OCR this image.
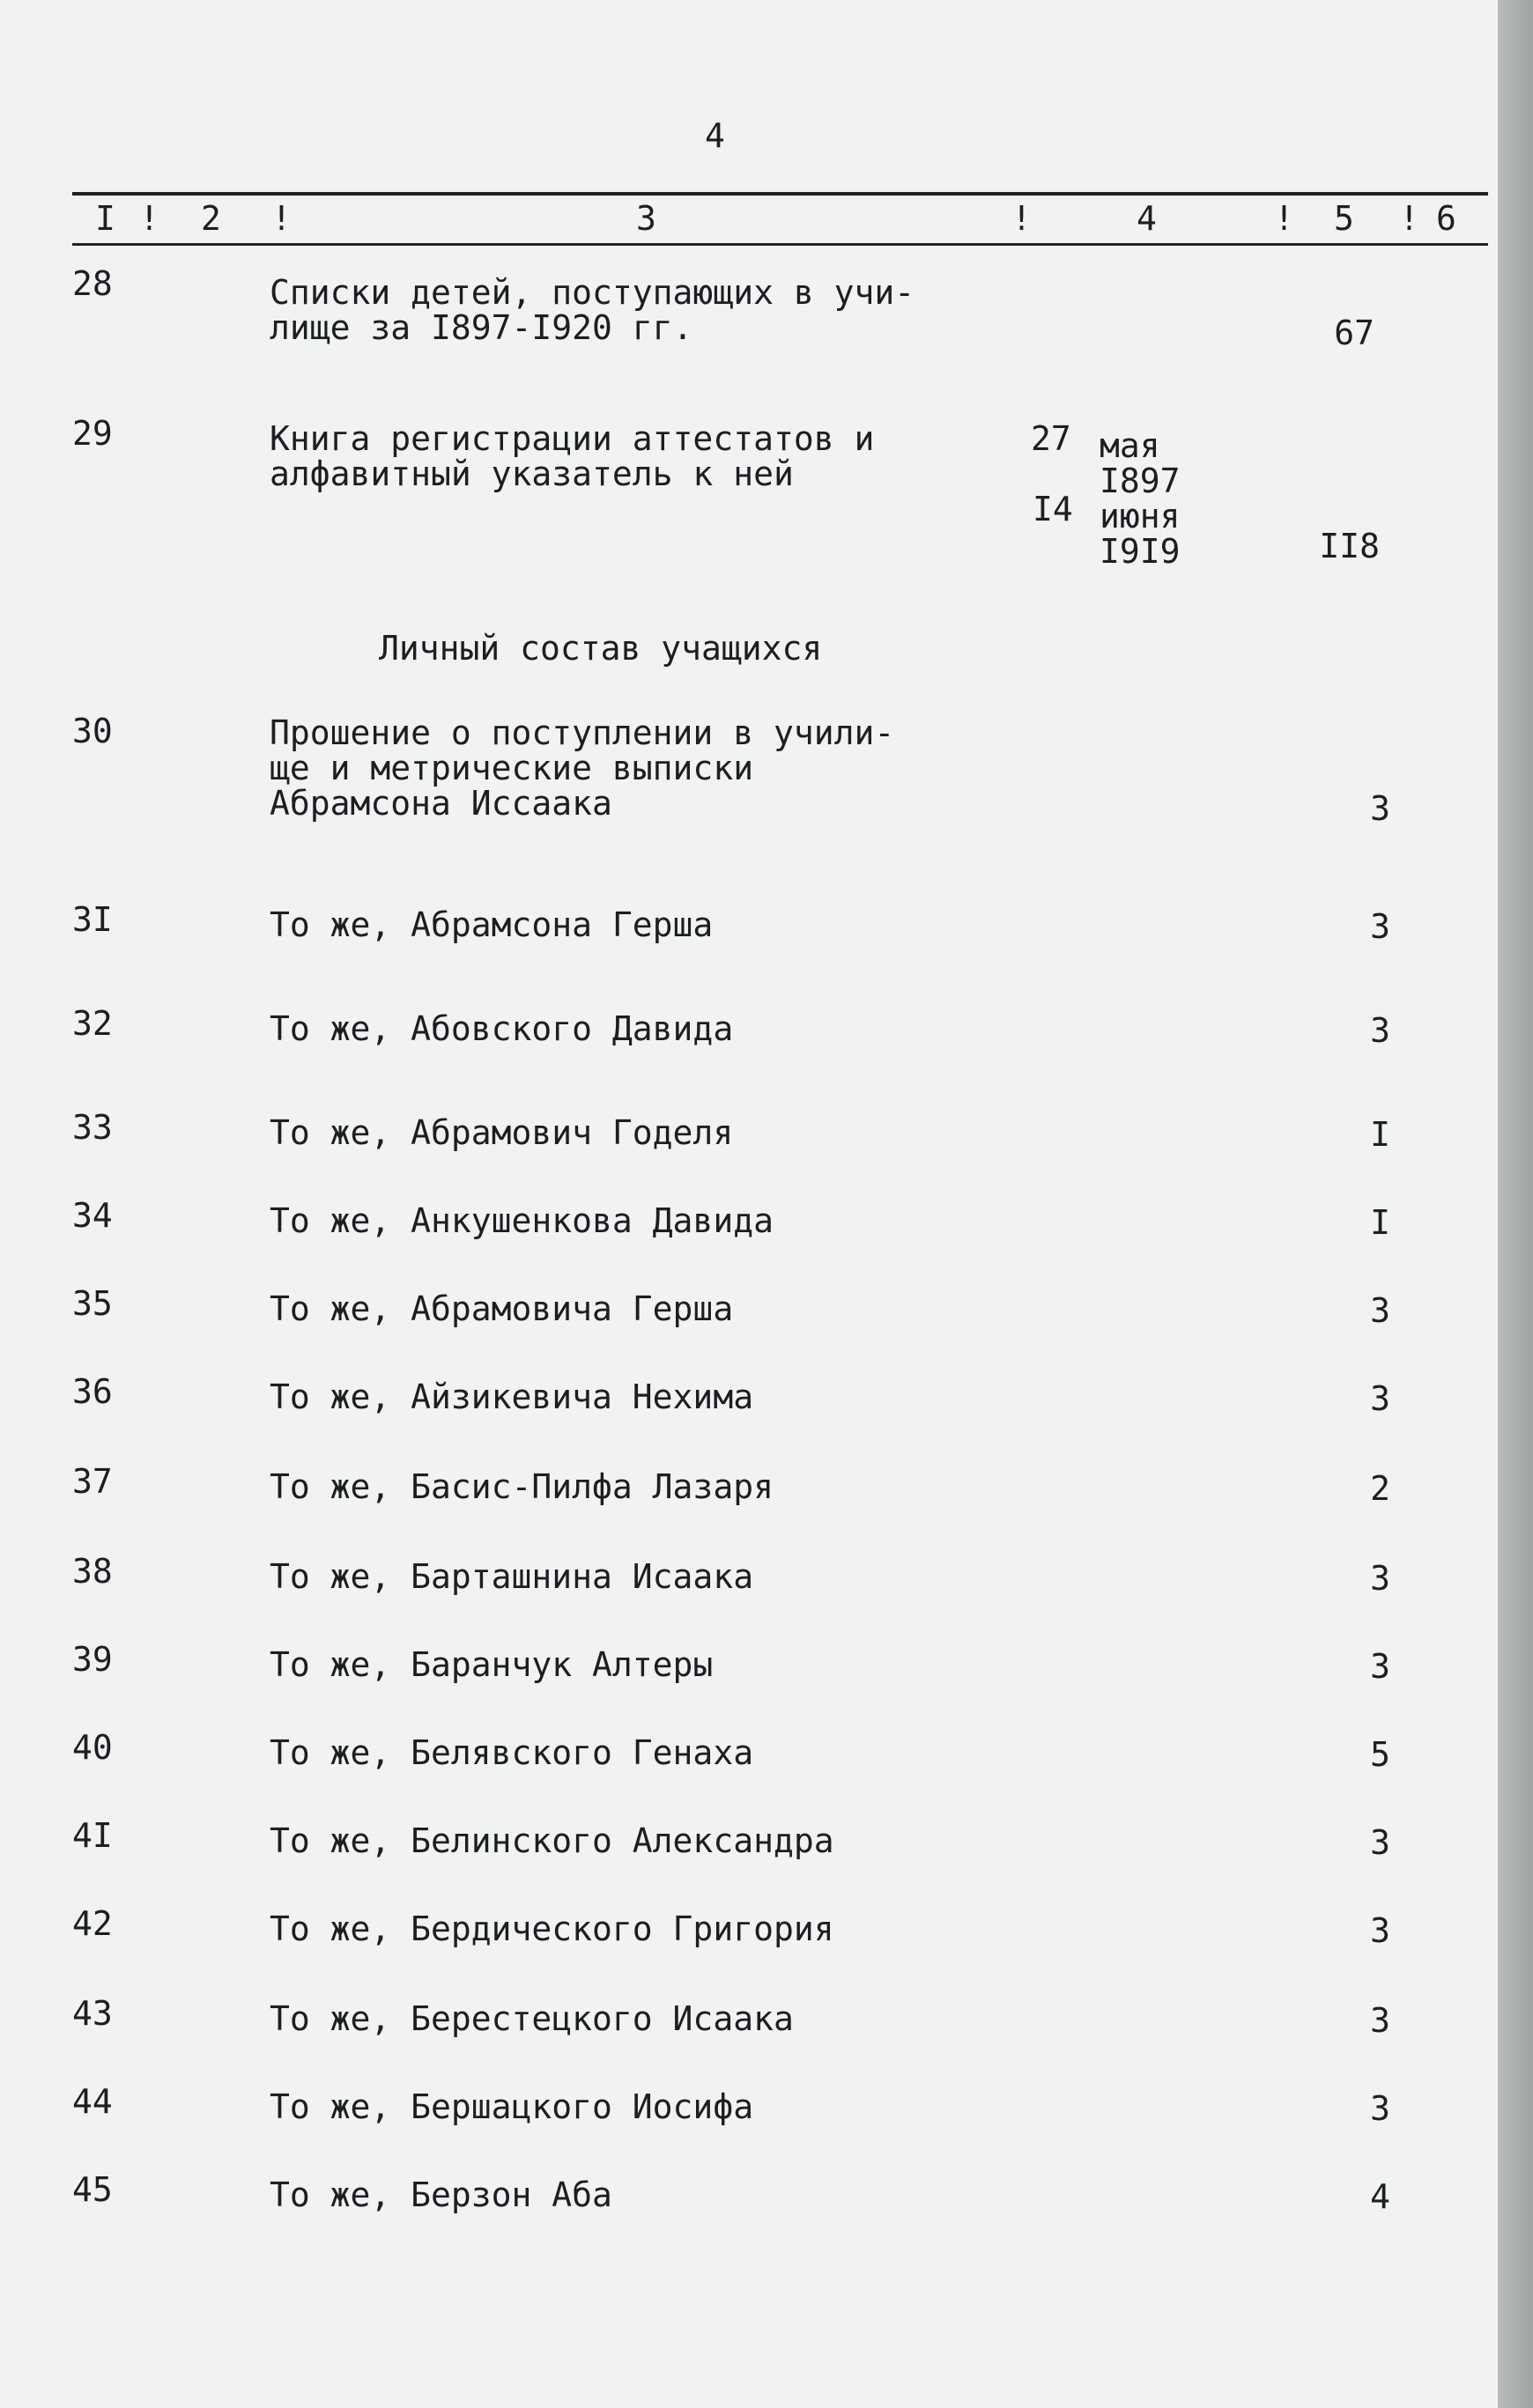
4
I ! 2 !	3	!	4	! 5 ! 6
28	Списки детей, поступающих в учи-
лище за I897-I920 гг.	67
29	Книга регистрации аттестатов и
алфавитный указатель к ней
27 мая
I897
I4 июня
I9I9	II8
Личный состав учащихся
30	Прошение о поступлении в учили-
ще и метрические выписки
Абрамсона Иссаака	3
3I	То же, Абрамсона Герша	3
32	То же, Абовского Давида	3
33	То же, Абрамович Годеля	I
34	То же, Анкушенкова Давида	I
35	То же, Абрамовича Герша	3
36	То же, Айзикевича Нехима	3
37	То же, Басис-Пилфа Лазаря	2
38	То же, Барташнина Исаака	3
39	То же, Баранчук Алтеры	3
40	То же, Белявского Генаха	5
4I	То же, Белинского Александра	3
42	То же, Бердического Григория	3
43	То же, Берестецкого Исаака	3
44	То же, Бершацкого Иосифа	3
45	То же, Берзон Аба	4
